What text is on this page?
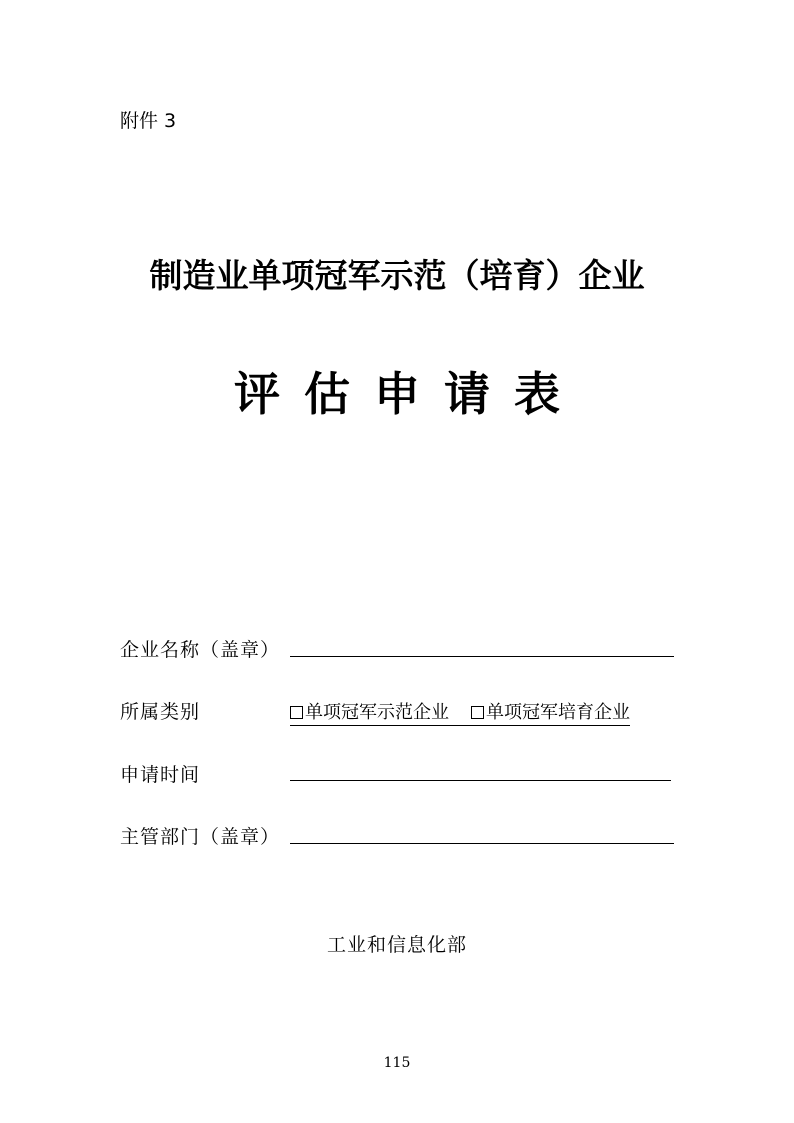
附件 3
制造业单项冠军示范（培育）企业
评估申请表
企业名称（盖章）
所属类别	单项冠军示范企业 单项冠军培育企业
申请时间
主管部门（盖章）
工业和信息化部
115
